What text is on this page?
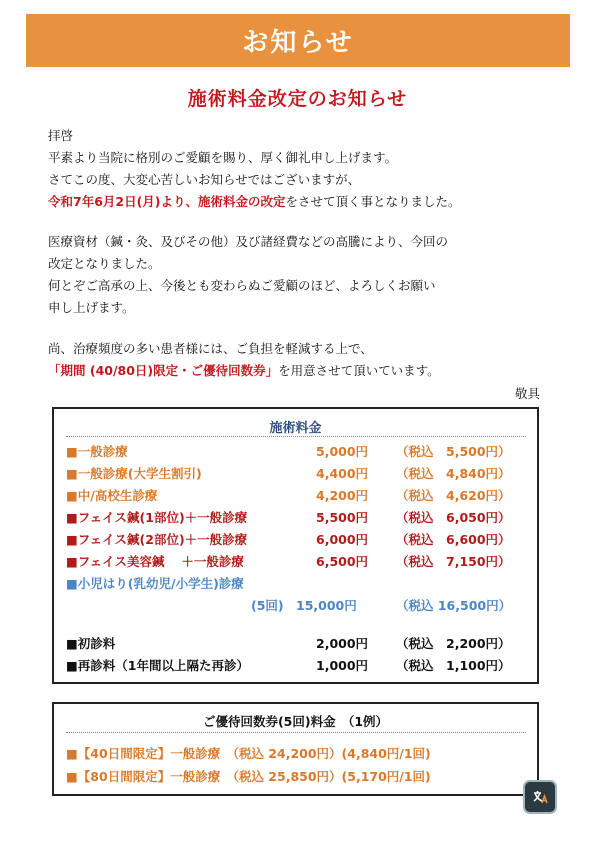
お知らせ
施術料金改定のお知らせ
拝啓
平素より当院に格別のご愛顧を賜り、厚く御礼申し上げます。
さてこの度、大変心苦しいお知らせではございますが、
令和7年6月2日(月)より、施術料金の改定をさせて頂く事となりました。
医療資材（鍼・灸、及びその他）及び諸経費などの高騰により、今回の
改定となりました。
何とぞご高承の上、今後とも変わらぬご愛顧のほど、よろしくお願い
申し上げます。
尚、治療頻度の多い患者様には、ご負担を軽減する上で、
「期間 (40/80日)限定・ご優待回数券」を用意させて頂いています。
敬具
施術料金
■一般診療	5,000円 （税込　5,500円）
■一般診療(大学生割引)	4,400円 （税込　4,840円）
■中/高校生診療	4,200円 （税込　4,620円）
■フェイス鍼(1部位)＋一般診療	5,500円 （税込　6,050円）
■フェイス鍼(2部位)＋一般診療	6,000円 （税込　6,600円）
■フェイス美容鍼　 ＋一般診療	6,500円 （税込　7,150円）
■小児はり(乳幼児/小学生)診療
(5回) 15,000円	（税込 16,500円）
■初診料	2,000円 （税込　2,200円）
■再診料（1年間以上隔た再診）	1,000円 （税込　1,100円）
ご優待回数券(5回)料金　（1例）
■【40日間限定】一般診療　（税込 24,200円）(4,840円/1回)
■【80日間限定】一般診療　（税込 25,850円）(5,170円/1回)
